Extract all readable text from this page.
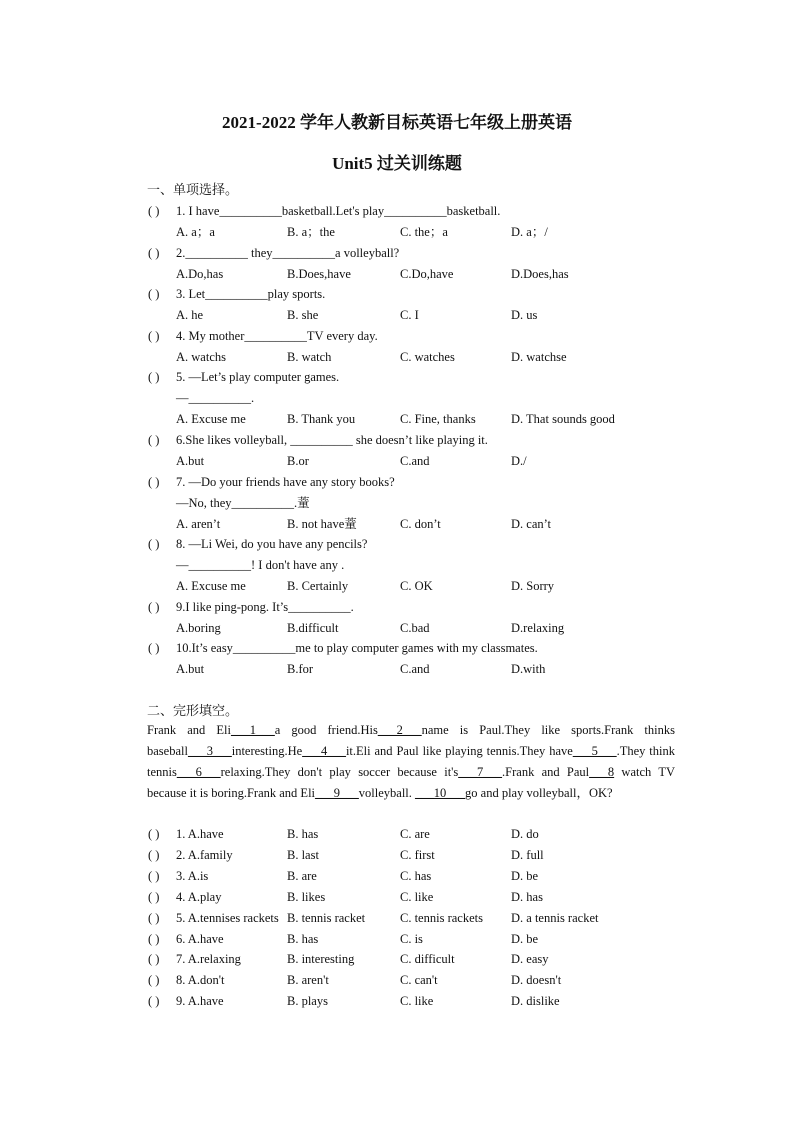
2021-2022 学年人教新目标英语七年级上册英语
Unit5 过关训练题
一、单项选择。
( ) 1. I have__________basketball.Let's play__________basketball.
A. a；a	B. a；the	C. the；a	D. a；/
( ) 2.__________ they__________a volleyball?
A.Do,has	B.Does,have	C.Do,have	D.Does,has
( ) 3. Let__________play sports.
A. he	B. she	C. I	D. us
( ) 4. My mother__________TV every day.
A. watchs	B. watch	C. watches	D. watchse
( ) 5. —Let’s play computer games.
—__________.
A. Excuse me	B. Thank you	C. Fine, thanks	D. That sounds good
( ) 6.She likes volleyball, __________ she doesn’t like playing it.
A.but	B.or	C.and	D./
( ) 7. —Do your friends have any story books?
—No, they__________.蕫
A. aren’t	B. not have蕫	C. don’t	D. can’t
( ) 8. —Li Wei, do you have any pencils?
—__________! I don't have any .
A. Excuse me	B. Certainly	C. OK	D. Sorry
( ) 9.I like ping-pong. It’s__________.
A.boring	B.difficult	C.bad	D.relaxing
( ) 10.It’s easy__________me to play computer games with my classmates.
A.but	B.for	C.and	D.with
二、完形填空。
Frank and Eli___1___a good friend.His___2___name is Paul.They like sports.Frank thinks baseball___3___interesting.He___4___it.Eli and Paul like playing tennis.They have___5___.They think tennis___6___relaxing.They don't play soccer because it's___7___.Frank and Paul___8 watch TV because it is boring.Frank and Eli___9___volleyball. ___10___go and play volleyball，OK?
( ) 1. A.have	B. has	C. are	D. do
( ) 2. A.family	B. last	C. first	D. full
( ) 3. A.is	B. are	C. has	D. be
( ) 4. A.play	B. likes	C. like	D. has
( ) 5. A.tennises rackets B. tennis racket	C. tennis rackets D. a tennis racket
( ) 6. A.have	B. has	C. is	D. be
( ) 7. A.relaxing	B. interesting	C. difficult	D. easy
( ) 8. A.don't	B. aren't	C. can't	D. doesn't
( ) 9. A.have	B. plays	C. like	D. dislike
